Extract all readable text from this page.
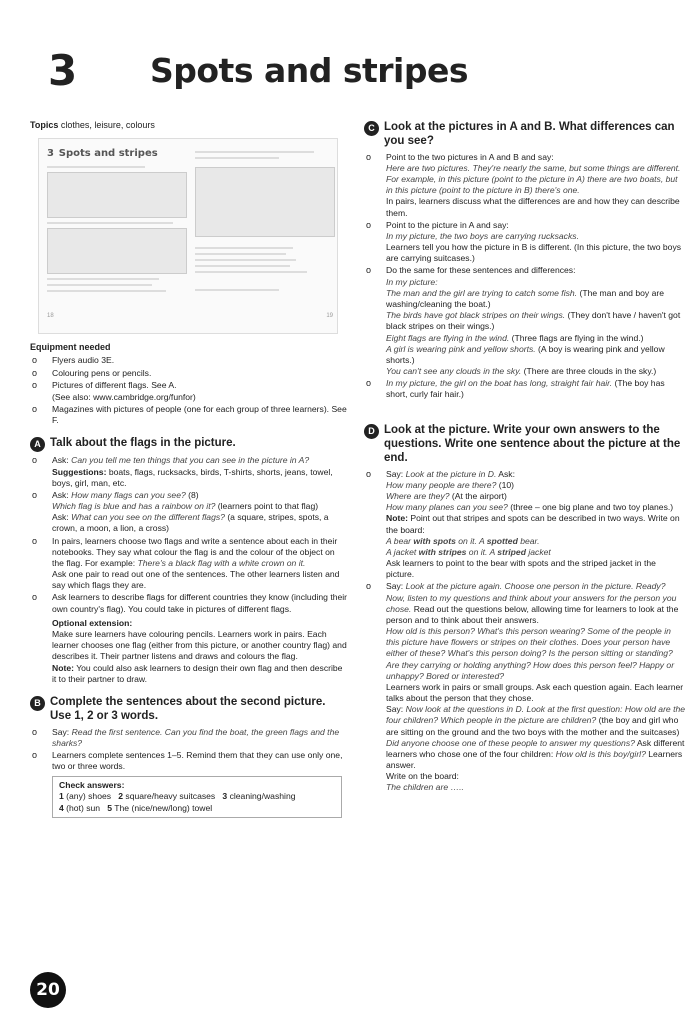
3 Spots and stripes
Topics clothes, leisure, colours
3 Spots and stripes
18	19
Equipment needed
o Flyers audio 3E.
o Colouring pens or pencils.
o Pictures of different flags. See A.
(See also: www.cambridge.org/funfor)
o Magazines with pictures of people (one for each group of three learners). See F.
A Talk about the flags in the picture.
o Ask: Can you tell me ten things that you can see in the picture in A?
Suggestions: boats, flags, rucksacks, birds, T-shirts, shorts, jeans, towel, boys, girl, man, etc.
o Ask: How many flags can you see? (8)
Which flag is blue and has a rainbow on it? (learners point to that flag)
Ask: What can you see on the different flags? (a square, stripes, spots, a crown, a moon, a lion, a cross)
o In pairs, learners choose two flags and write a sentence about each in their notebooks. They say what colour the flag is and the colour of the object on the flag. For example: There's a black flag with a white crown on it.
Ask one pair to read out one of the sentences. The other learners listen and say which flags they are.
o Ask learners to describe flags for different countries they know (including their own country's flag). You could take in pictures of different flags.
Optional extension:
Make sure learners have colouring pencils. Learners work in pairs. Each learner chooses one flag (either from this picture, or another country flag) and describes it. Their partner listens and draws and colours the flag.
Note: You could also ask learners to design their own flag and then describe it to their partner to draw.
B Complete the sentences about the second picture. Use 1, 2 or 3 words.
o Say: Read the first sentence. Can you find the boat, the green flags and the sharks?
o Learners complete sentences 1–5. Remind them that they can use only one, two or three words.
Check answers:
1 (any) shoes 2 square/heavy suitcases 3 cleaning/washing
4 (hot) sun 5 The (nice/new/long) towel
C Look at the pictures in A and B. What differences can you see?
o Point to the two pictures in A and B and say:
Here are two pictures. They're nearly the same, but some things are different. For example, in this picture (point to the picture in A) there are two boats, but in this picture (point to the picture in B) there's one.
In pairs, learners discuss what the differences are and how they can describe them.
o Point to the picture in A and say:
In my picture, the two boys are carrying rucksacks.
Learners tell you how the picture in B is different. (In this picture, the two boys are carrying suitcases.)
o Do the same for these sentences and differences:
In my picture:
The man and the girl are trying to catch some fish. (The man and boy are washing/cleaning the boat.)
The birds have got black stripes on their wings. (They don't have / haven't got black stripes on their wings.)
Eight flags are flying in the wind. (Three flags are flying in the wind.)
A girl is wearing pink and yellow shorts. (A boy is wearing pink and yellow shorts.)
You can't see any clouds in the sky. (There are three clouds in the sky.)
o In my picture, the girl on the boat has long, straight fair hair. (The boy has short, curly fair hair.)
D Look at the picture. Write your own answers to the questions. Write one sentence about the picture at the end.
o Say: Look at the picture in D. Ask:
How many people are there? (10)
Where are they? (At the airport)
How many planes can you see? (three – one big plane and two toy planes.)
Note: Point out that stripes and spots can be described in two ways. Write on the board:
A bear with spots on it. A spotted bear.
A jacket with stripes on it. A striped jacket
Ask learners to point to the bear with spots and the striped jacket in the picture.
o Say: Look at the picture again. Choose one person in the picture. Ready? Now, listen to my questions and think about your answers for the person you chose. Read out the questions below, allowing time for learners to look at the person and to think about their answers.
How old is this person? What's this person wearing? Some of the people in this picture have flowers or stripes on their clothes. Does your person have either of these? What's this person doing? Is the person sitting or standing? Are they carrying or holding anything? How does this person feel? Happy or unhappy? Bored or interested?
Learners work in pairs or small groups. Ask each question again. Each learner talks about the person that they chose.
Say: Now look at the questions in D. Look at the first question: How old are the four children? Which people in the picture are children? (the boy and girl who are sitting on the ground and the two boys with the mother and the suitcases) Did anyone choose one of these people to answer my questions? Ask different learners who chose one of the four children: How old is this boy/girl? Learners answer.
Write on the board:
The children are …..
20
